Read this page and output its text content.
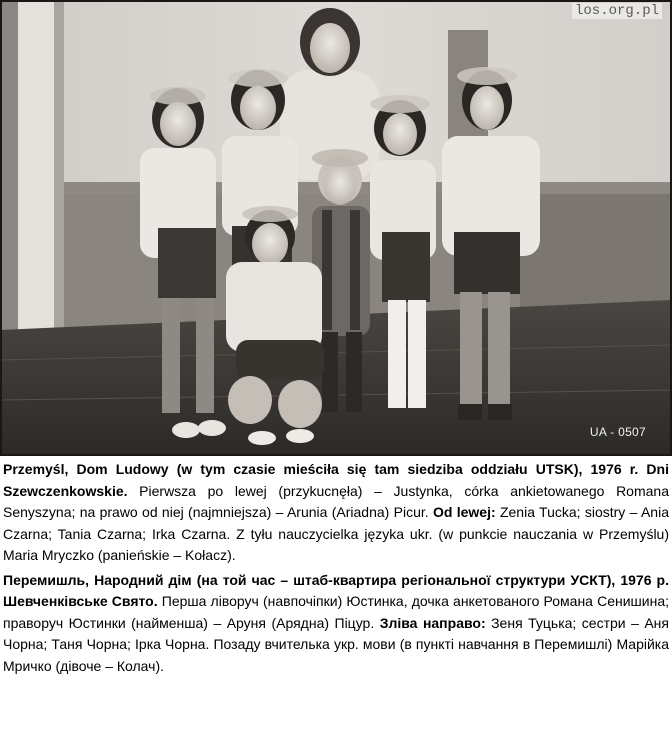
los.org.pl
UA - 0507

Przemyśl, Dom Ludowy (w tym czasie mieściła się tam siedziba oddziału UTSK), 1976 r. Dni Szewczenkowskie. Pierwsza po lewej (przykucnęła) – Justynka, córka ankietowanego Romana Senyszyna; na prawo od niej (najmniejsza) – Arunia (Ariadna) Picur. Od lewej: Zenia Tucka; siostry – Ania Czarna; Tania Czarna; Irka Czarna. Z tyłu nauczycielka języka ukr. (w punkcie nauczania w Przemyślu) Maria Mryczko (panieńskie – Kołacz).

Перемишль, Народний дім (на той час – штаб-квартира регіональної структури УСКТ), 1976 р. Шевченківське Свято. Перша ліворуч (навпочіпки) Юстинка, дочка анкетованого Романа Сенишина; праворуч Юстинки (найменша) – Аруня (Арядна) Піцур. Зліва направо: Зеня Туцька; сестри – Аня Чорна; Таня Чорна; Ірка Чорна. Позаду вчителька укр. мови (в пункті навчання в Перемишлі) Марійка Мричко (дівоче – Колач).
